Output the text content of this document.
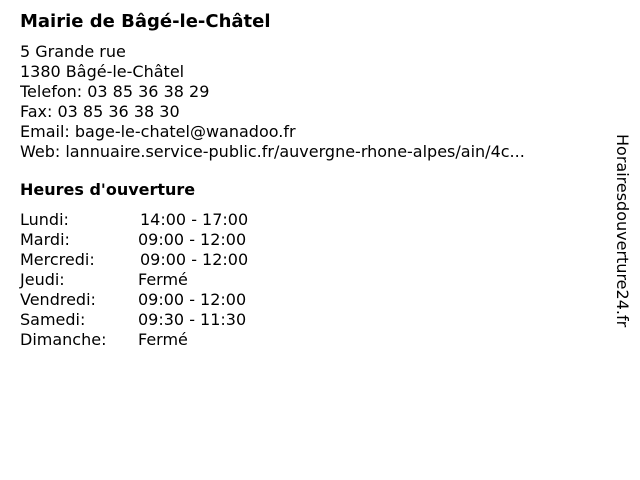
Mairie de Bâgé-le-Châtel
5 Grande rue
1380 Bâgé-le-Châtel
Telefon: 03 85 36 38 29
Fax: 03 85 36 38 30
Email: bage-le-chatel@wanadoo.fr
Web: lannuaire.service-public.fr/auvergne-rhone-alpes/ain/4c...
Heures d'ouverture
Lundi:	14:00 - 17:00
Mardi:	09:00 - 12:00
Mercredi:	09:00 - 12:00
Jeudi:	Fermé
Vendredi:	09:00 - 12:00
Samedi:	09:30 - 11:30
Dimanche:	Fermé
Horairesdouverture24.fr
